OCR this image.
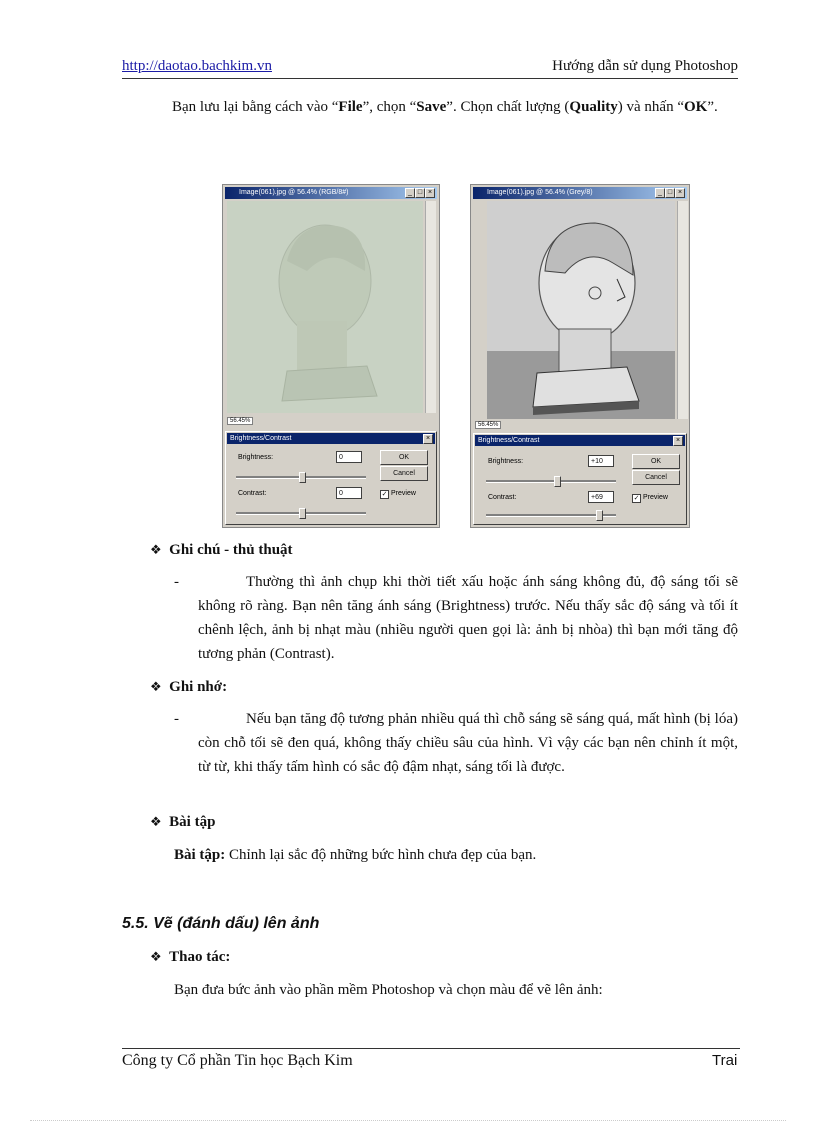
http://daotao.bachkim.vn	Hướng dẫn sử dụng Photoshop
Bạn lưu lại bằng cách vào “File”, chọn “Save”. Chọn chất lượng (Quality) và nhấn “OK”.
Image(061).jpg @ 56.4% (RGB/8#)	_ □ ×
56.45%
Brightness/Contrast	×
Brightness:	0
Contrast:	0
OK
Cancel
✓ Preview
Image(061).jpg @ 56.4% (Grey/8)	_ □ ×
56.45%
Brightness/Contrast	×
Brightness:	+10
Contrast:	+69
OK
Cancel
✓ Preview
❖ Ghi chú - thủ thuật
-	Thường thì ảnh chụp khi thời tiết xấu hoặc ánh sáng không đủ, độ sáng tối sẽ không rõ ràng. Bạn nên tăng ánh sáng (Brightness) trước. Nếu thấy sắc độ sáng và tối ít chênh lệch, ảnh bị nhạt màu (nhiều người quen gọi là: ảnh bị nhòa) thì bạn mới tăng độ tương phản (Contrast).
❖ Ghi nhớ:
-	Nếu bạn tăng độ tương phản nhiều quá thì chỗ sáng sẽ sáng quá, mất hình (bị lóa) còn chỗ tối sẽ đen quá, không thấy chiều sâu của hình. Vì vậy các bạn nên chỉnh ít một, từ từ, khi thấy tấm hình có sắc độ đậm nhạt, sáng tối là được.
❖ Bài tập
Bài tập: Chỉnh lại sắc độ những bức hình chưa đẹp của bạn.
5.5. Vẽ (đánh dấu) lên ảnh
❖ Thao tác:
Bạn đưa bức ảnh vào phần mềm Photoshop và chọn màu để vẽ lên ảnh:
Công ty Cổ phần Tin học Bạch Kim	Trai
